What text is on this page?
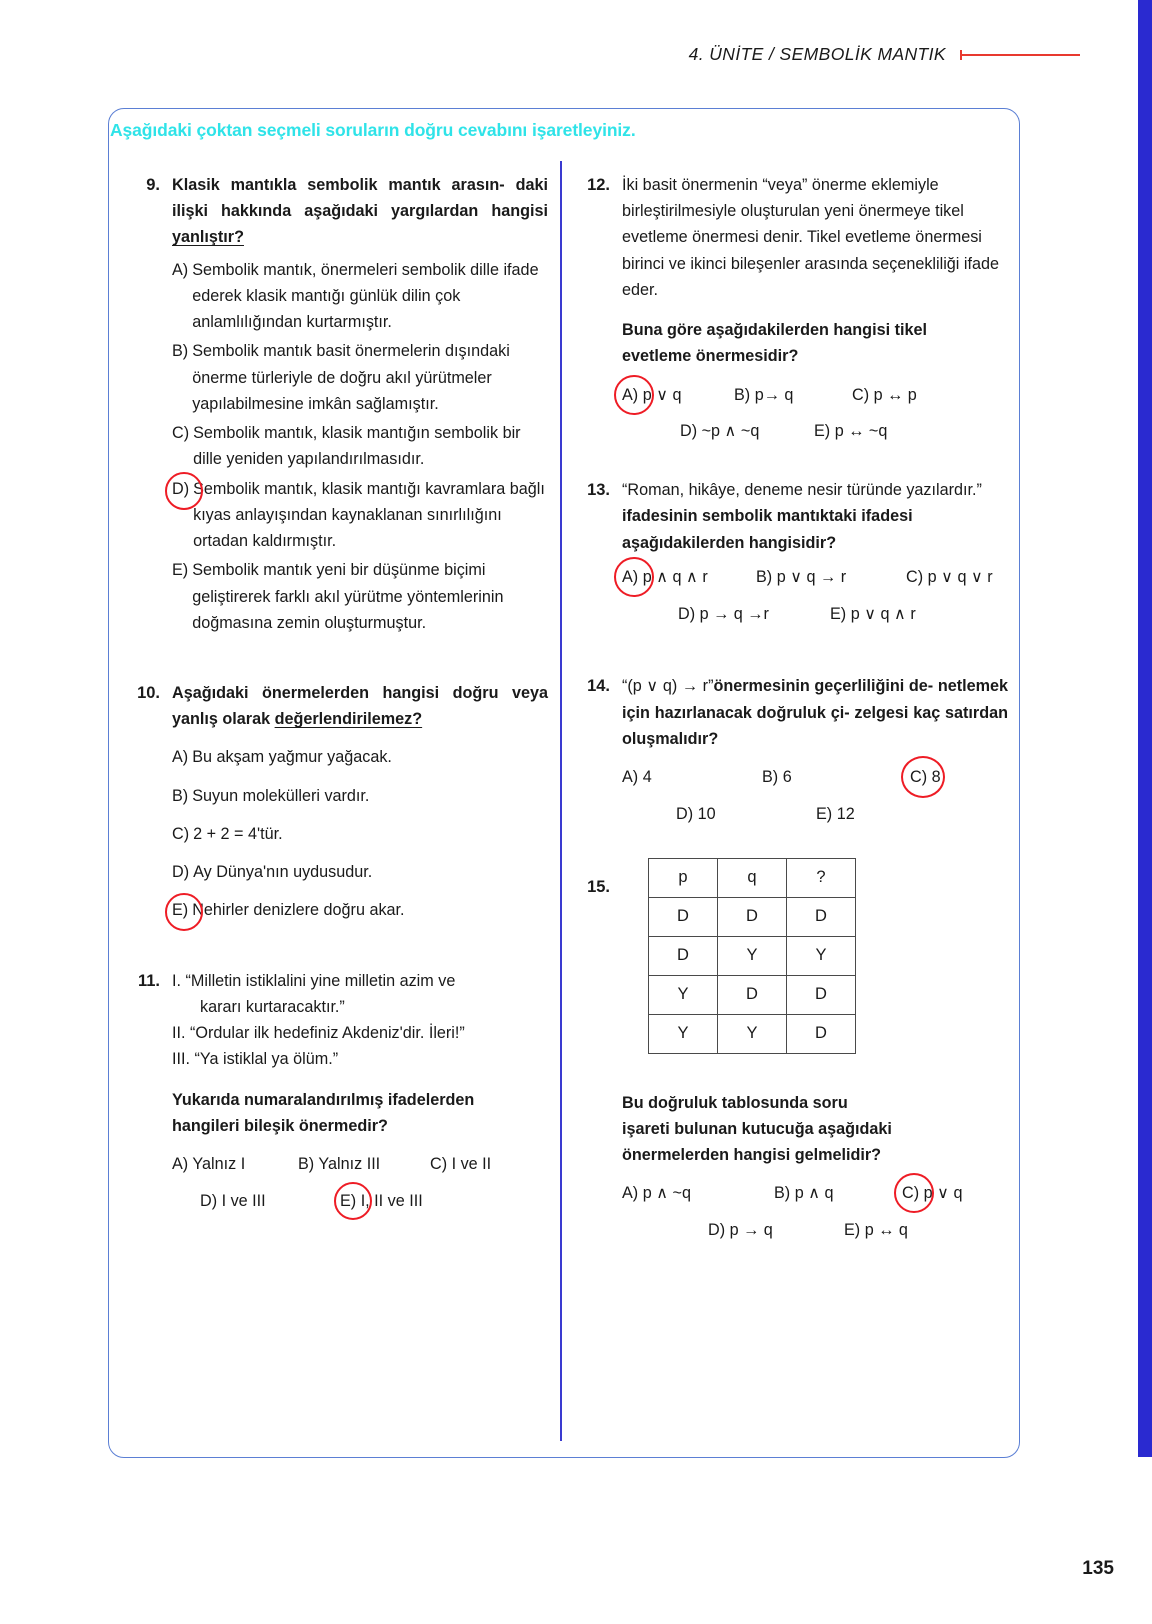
4. ÜNİTE / SEMBOLİK MANTIK
Aşağıdaki çoktan seçmeli soruların doğru cevabını işaretleyiniz.
9. Klasik mantıkla sembolik mantık arasın- daki ilişki hakkında aşağıdaki yargılardan hangisi yanlıştır?
A) Sembolik mantık, önermeleri sembolik dille ifade ederek klasik mantığı günlük dilin çok anlamlılığından kurtarmıştır.
B) Sembolik mantık basit önermelerin dışındaki önerme türleriyle de doğru akıl yürütmeler yapılabilmesine imkân sağlamıştır.
C) Sembolik mantık, klasik mantığın sembolik bir dille yeniden yapılandırılmasıdır.
D) Sembolik mantık, klasik mantığı kavramlara bağlı kıyas anlayışından kaynaklanan sınırlılığını ortadan kaldırmıştır.
E) Sembolik mantık yeni bir düşünme biçimi geliştirerek farklı akıl yürütme yöntemlerinin doğmasına zemin oluşturmuştur.
10. Aşağıdaki önermelerden hangisi doğru veya yanlış olarak değerlendirilemez?
A) Bu akşam yağmur yağacak.
B) Suyun molekülleri vardır.
C) 2 + 2 = 4'tür.
D) Ay Dünya'nın uydusudur.
E) Nehirler denizlere doğru akar.
11. I. “Milletin istiklalini yine milletin azim ve
kararı kurtaracaktır.”
II. “Ordular ilk hedefiniz Akdeniz'dir. İleri!”
III. “Ya istiklal ya ölüm.”
Yukarıda numaralandırılmış ifadelerden
hangileri bileşik önermedir?
A) Yalnız I	B) Yalnız III	C) I ve II
D) I ve III	E) I, II ve III
12. İki basit önermenin “veya” önerme eklemiyle birleştirilmesiyle oluşturulan yeni önermeye tikel evetleme önermesi denir. Tikel evetleme önermesi birinci ve ikinci bileşenler arasında seçenekliliği ifade eder.
Buna göre aşağıdakilerden hangisi tikel
evetleme önermesidir?
A) p ∨ q	B) p→ q	C) p ↔ p
D) ~p ∧ ~q	E) p ↔ ~q
13. “Roman, hikâye, deneme nesir türünde yazılardır.” ifadesinin sembolik mantıktaki ifadesi aşağıdakilerden hangisidir?
A) p ∧ q ∧ r	B) p ∨ q → r	C) p ∨ q ∨ r
D) p → q →r	E) p ∨ q ∧ r
14. “(p ∨ q) → r”önermesinin geçerliliğini de- netlemek için hazırlanacak doğruluk çi- zelgesi kaç satırdan oluşmalıdır?
A) 4	B) 6	C) 8
D) 10	E) 12
15.
p	q	?
D	D	D
D	Y	Y
Y	D	D
Y	Y	D
Bu doğruluk tablosunda soru
işareti bulunan kutucuğa aşağıdaki
önermelerden hangisi gelmelidir?
A) p ∧ ~q	B) p ∧ q	C) p ∨ q
D) p → q	E) p ↔ q
135
